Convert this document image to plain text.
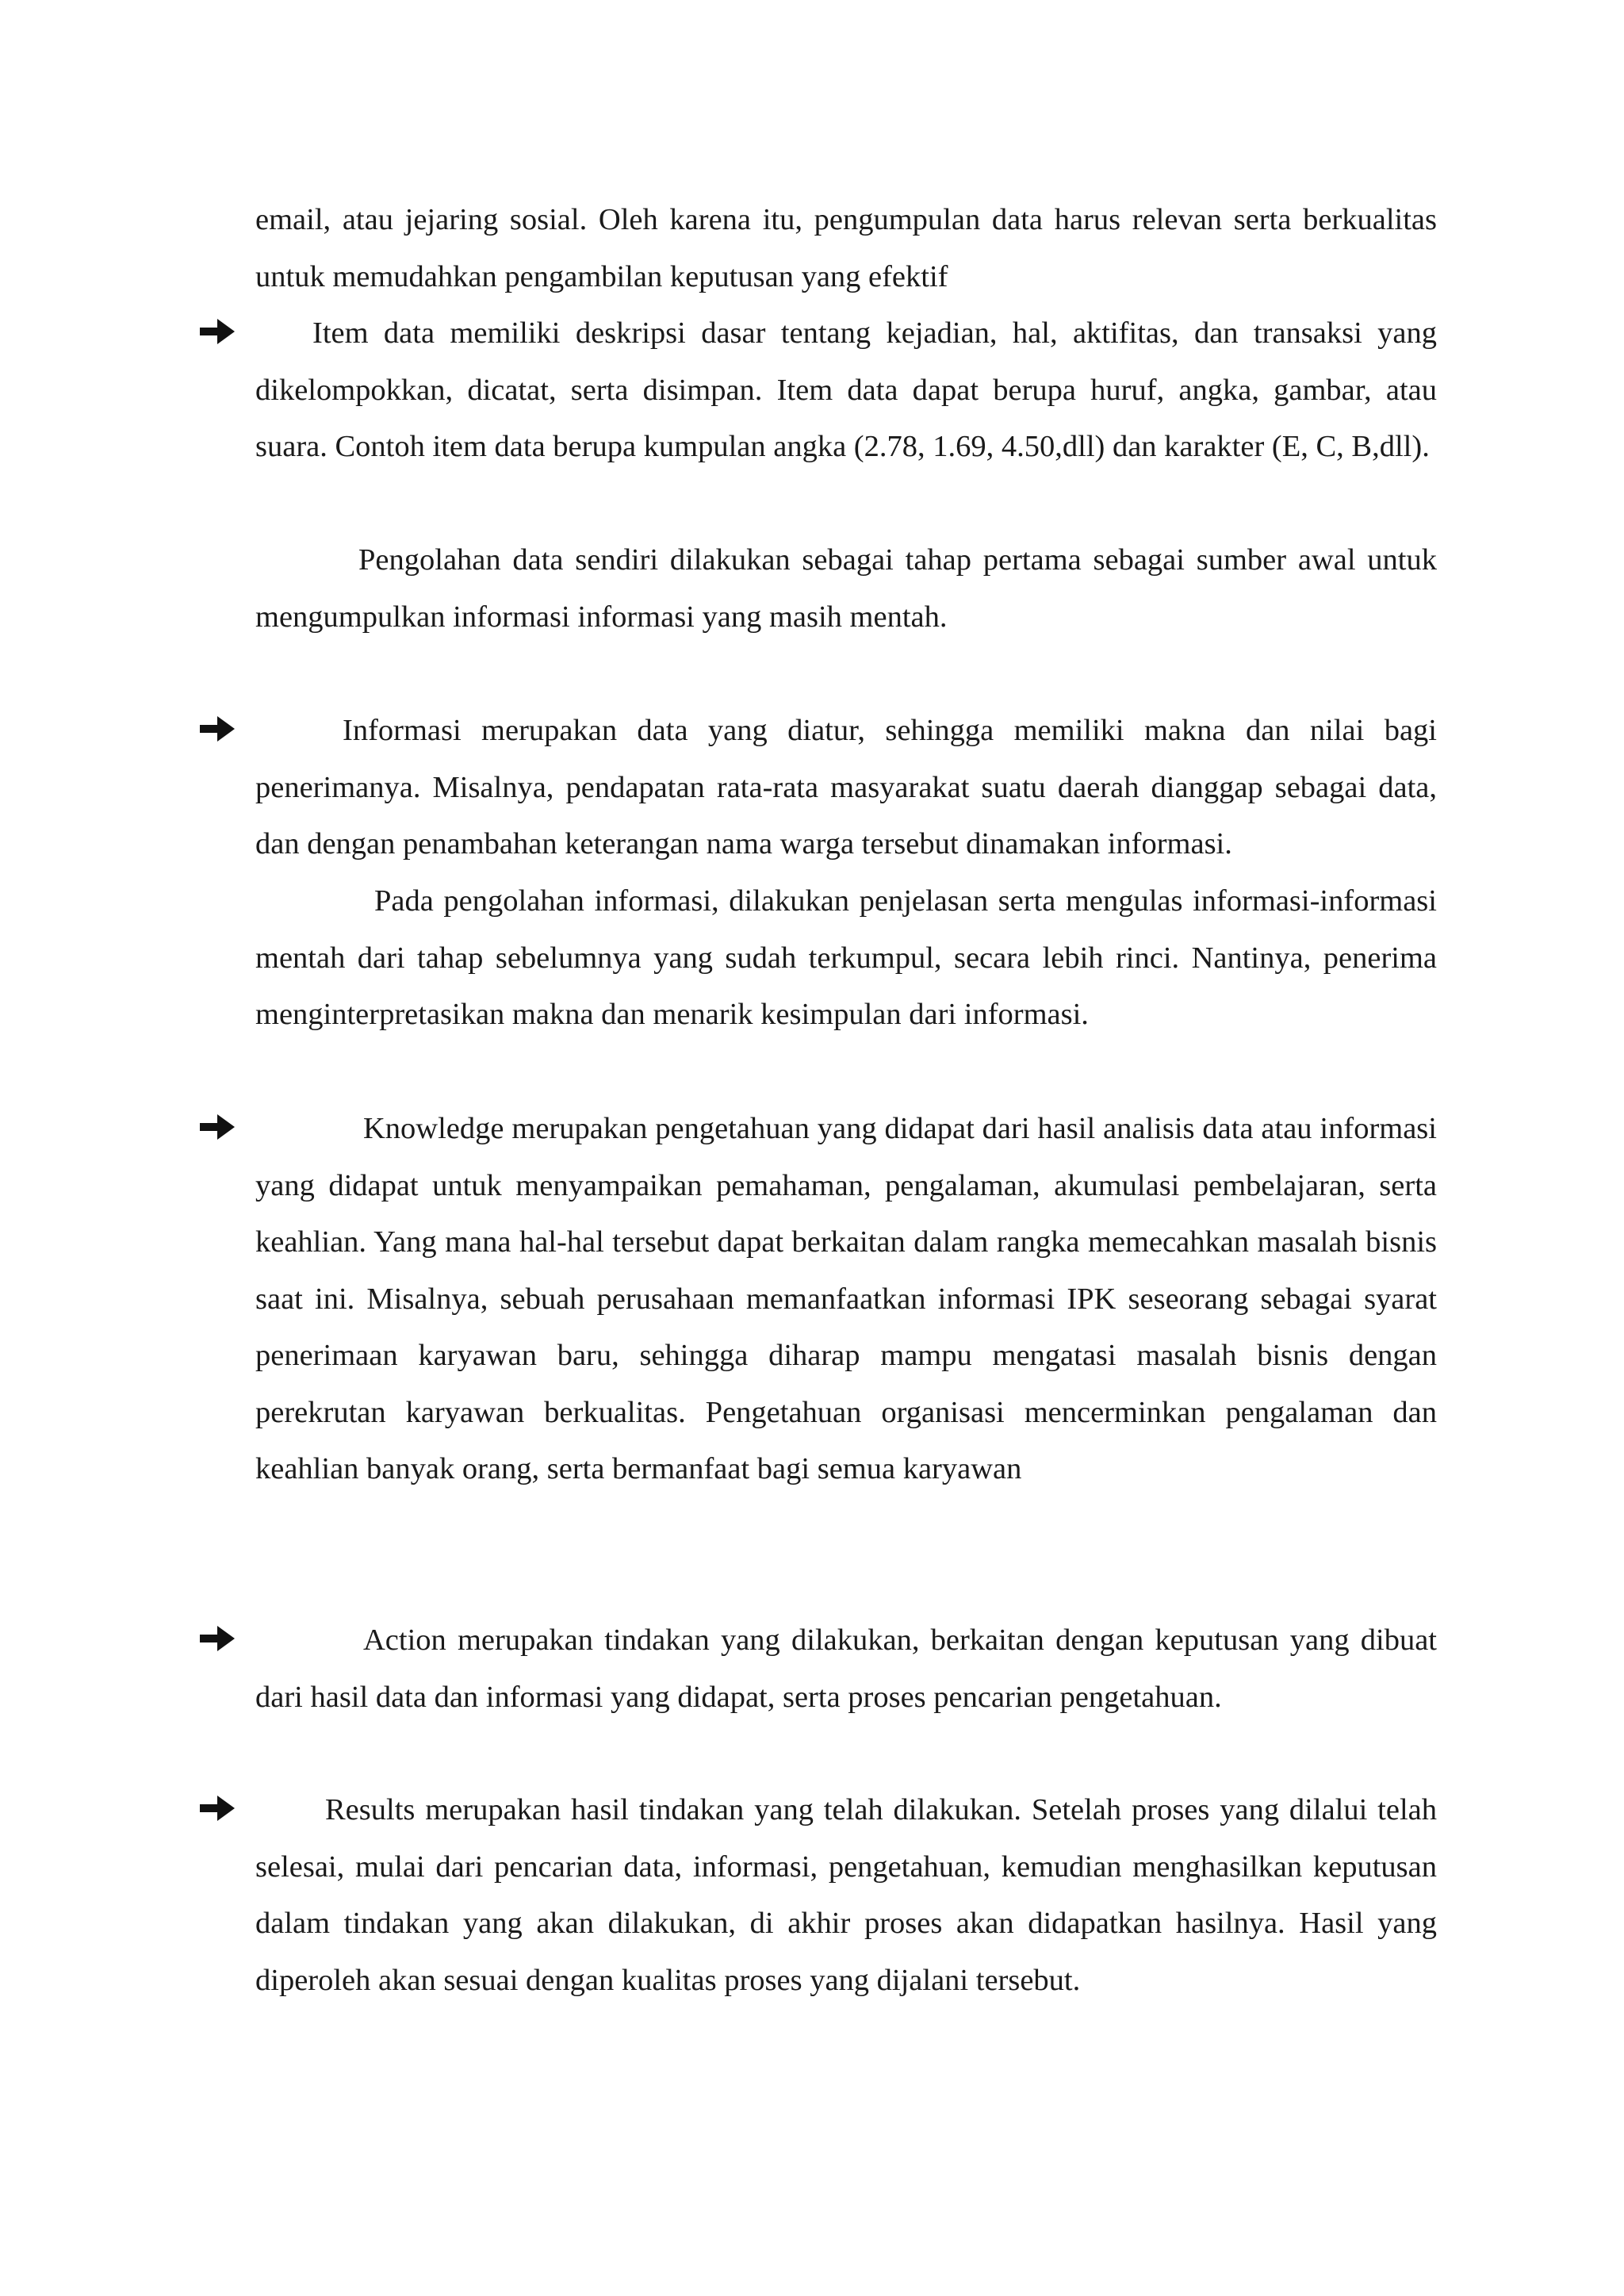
email, atau jejaring sosial. Oleh karena itu, pengumpulan data harus relevan serta berkualitas untuk memudahkan pengambilan keputusan yang efektif

Item data memiliki deskripsi dasar tentang kejadian, hal, aktifitas, dan transaksi yang dikelompokkan, dicatat, serta disimpan. Item data dapat berupa huruf, angka, gambar, atau suara. Contoh item data berupa kumpulan angka (2.78, 1.69, 4.50,dll) dan karakter (E, C, B,dll).

Pengolahan data sendiri dilakukan sebagai tahap pertama sebagai sumber awal untuk mengumpulkan informasi informasi yang masih mentah.

Informasi merupakan data yang diatur, sehingga memiliki makna dan nilai bagi penerimanya. Misalnya, pendapatan rata-rata masyarakat suatu daerah dianggap sebagai data, dan dengan penambahan keterangan nama warga tersebut dinamakan informasi.

Pada pengolahan informasi, dilakukan penjelasan serta mengulas informasi-informasi mentah dari tahap sebelumnya yang sudah terkumpul, secara lebih rinci. Nantinya, penerima menginterpretasikan makna dan menarik kesimpulan dari informasi.

Knowledge merupakan pengetahuan yang didapat dari hasil analisis data atau informasi yang didapat untuk menyampaikan pemahaman, pengalaman, akumulasi pembelajaran, serta keahlian. Yang mana hal-hal tersebut dapat berkaitan dalam rangka memecahkan masalah bisnis saat ini. Misalnya, sebuah perusahaan memanfaatkan informasi IPK seseorang sebagai syarat penerimaan karyawan baru, sehingga diharap mampu mengatasi masalah bisnis dengan perekrutan karyawan berkualitas. Pengetahuan organisasi mencerminkan pengalaman dan keahlian banyak orang, serta bermanfaat bagi semua karyawan

Action merupakan tindakan yang dilakukan, berkaitan dengan keputusan yang dibuat dari hasil data dan informasi yang didapat, serta proses pencarian pengetahuan.

Results merupakan hasil tindakan yang telah dilakukan. Setelah proses yang dilalui telah selesai, mulai dari pencarian data, informasi, pengetahuan, kemudian menghasilkan keputusan dalam tindakan yang akan dilakukan, di akhir proses akan didapatkan hasilnya. Hasil yang diperoleh akan sesuai dengan kualitas proses yang dijalani tersebut.
